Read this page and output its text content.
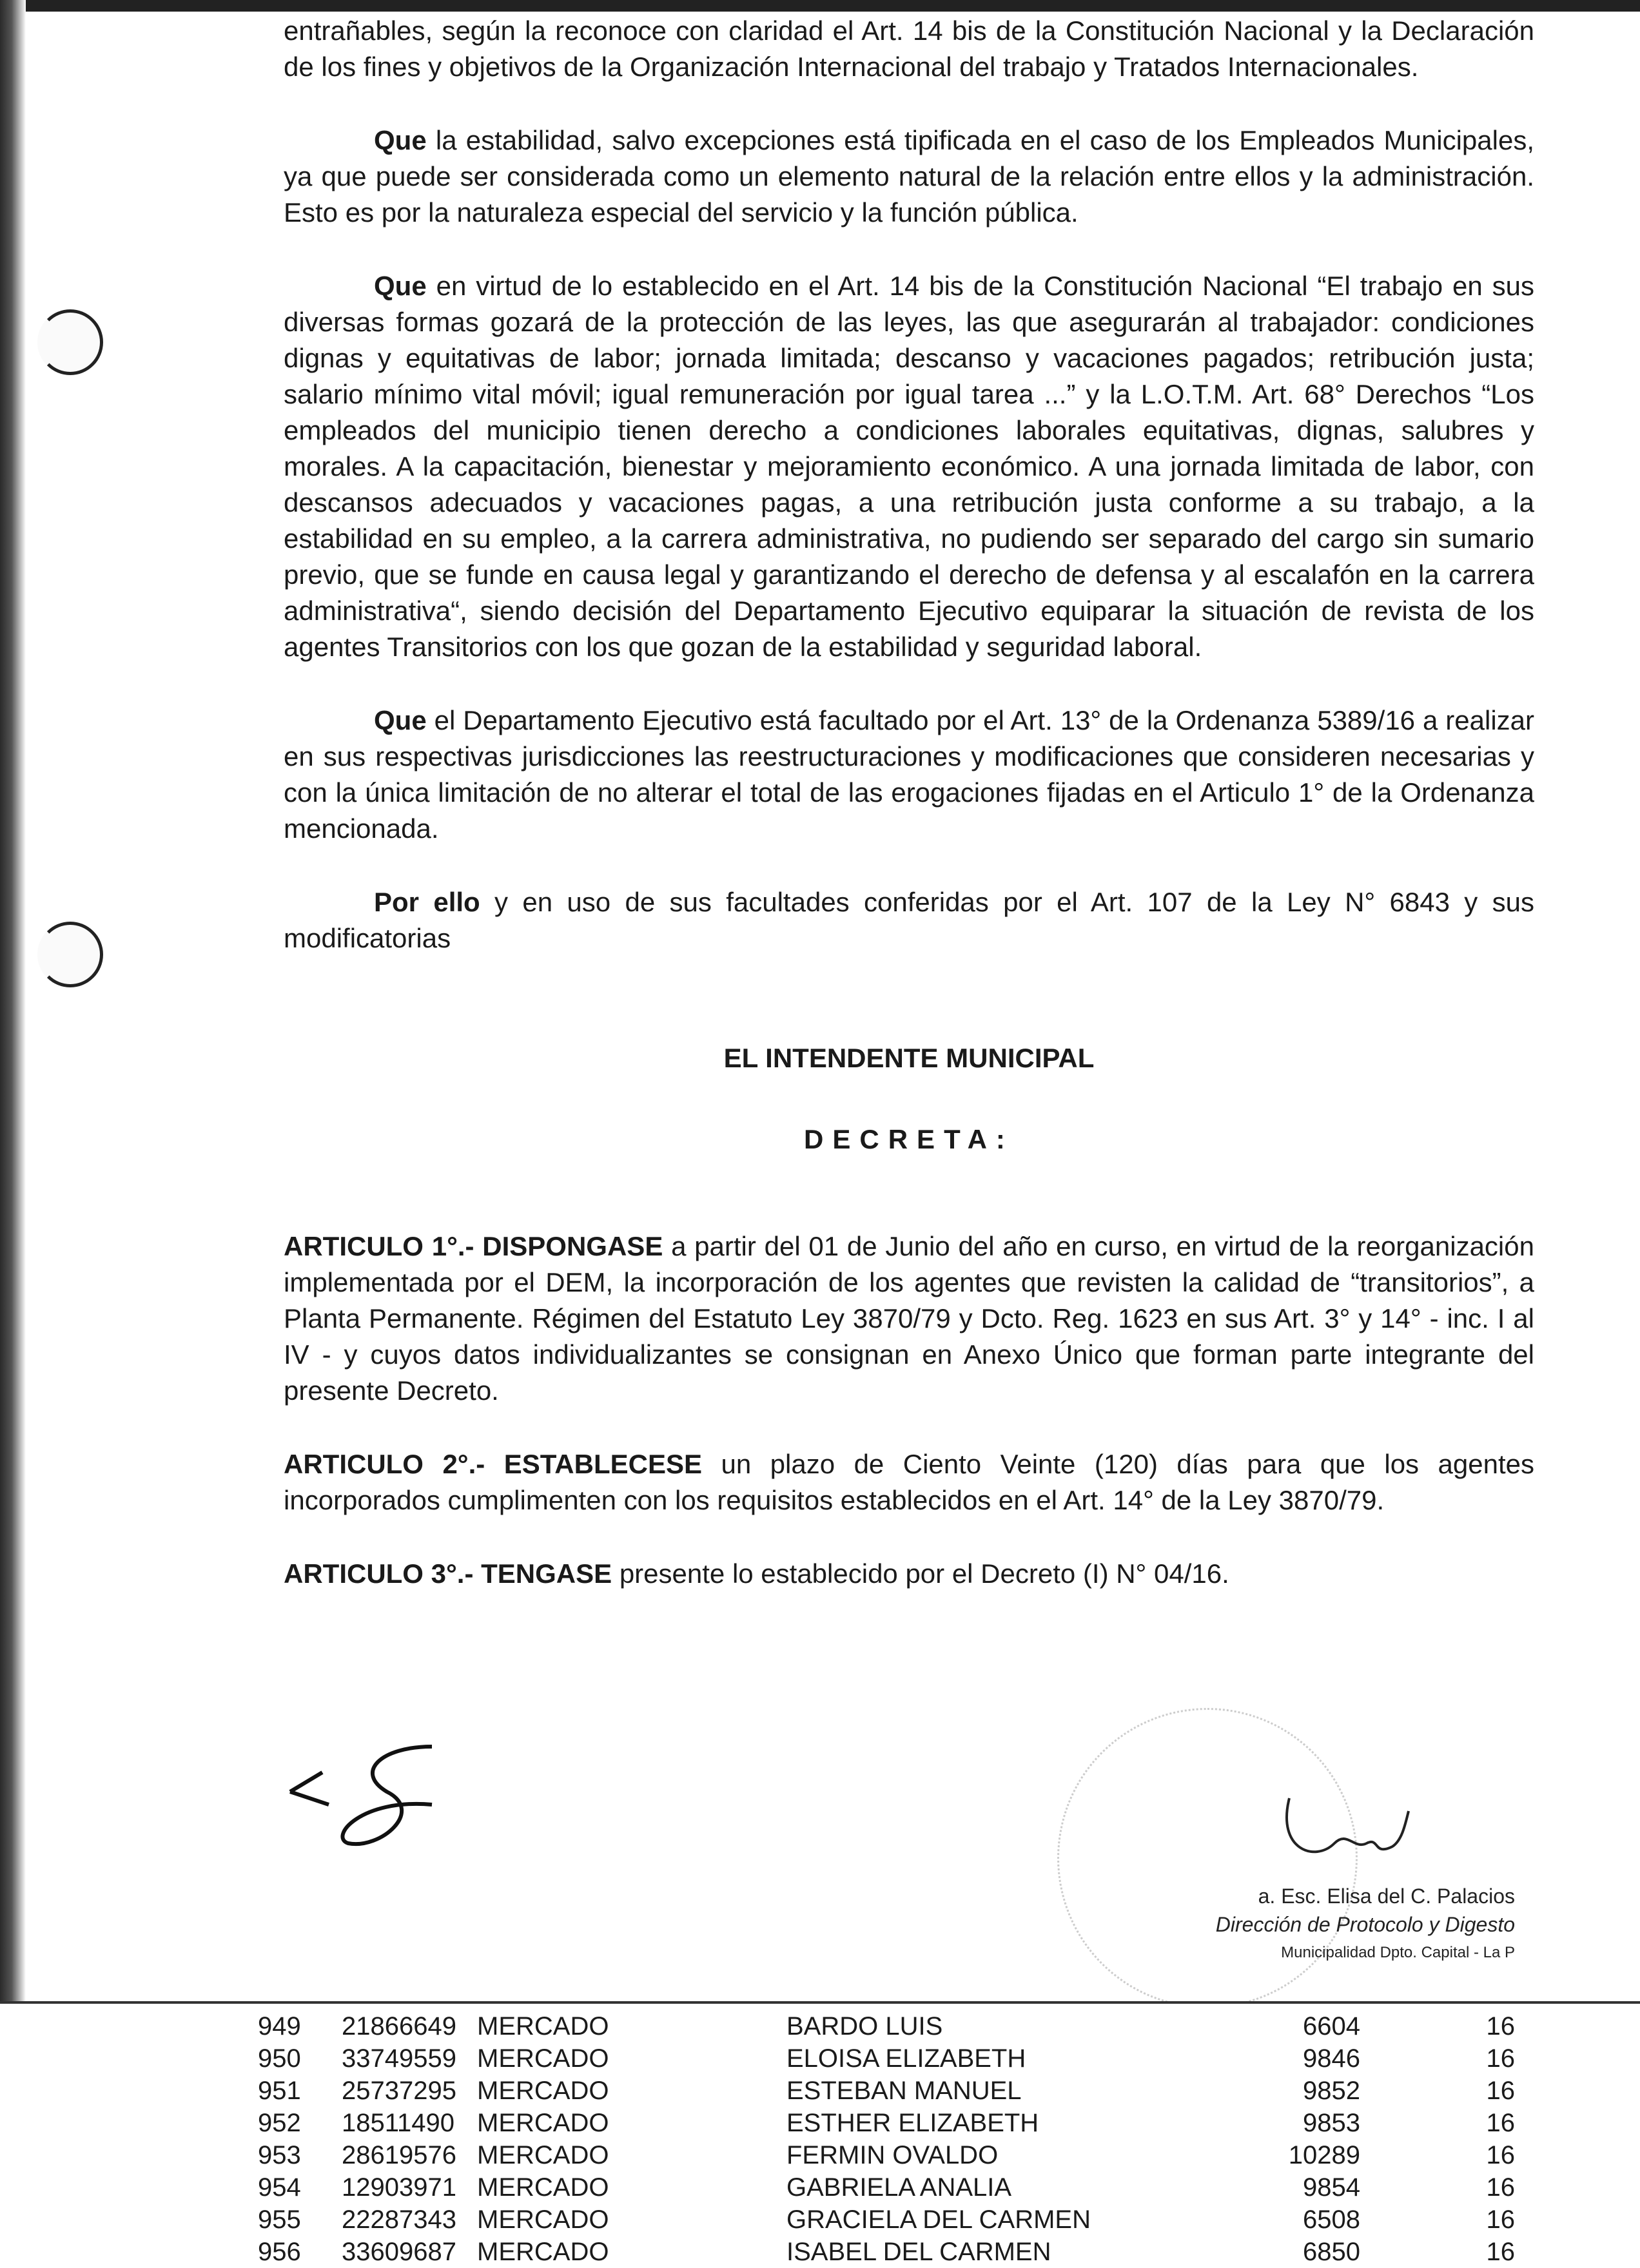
entrañables, según la reconoce con claridad el Art. 14 bis de la Constitución Nacional y la Declaración de los fines y objetivos de la Organización Internacional del trabajo y Tratados Internacionales.

Que la estabilidad, salvo excepciones está tipificada en el caso de los Empleados Municipales, ya que puede ser considerada como un elemento natural de la relación entre ellos y la administración. Esto es por la naturaleza especial del servicio y la función pública.

Que en virtud de lo establecido en el Art. 14 bis de la Constitución Nacional “El trabajo en sus diversas formas gozará de la protección de las leyes, las que asegurarán al trabajador: condiciones dignas y equitativas de labor; jornada limitada; descanso y vacaciones pagados; retribución justa; salario mínimo vital móvil; igual remuneración por igual tarea ...” y la L.O.T.M. Art. 68° Derechos “Los empleados del municipio tienen derecho a condiciones laborales equitativas, dignas, salubres y morales. A la capacitación, bienestar y mejoramiento económico. A una jornada limitada de labor, con descansos adecuados y vacaciones pagas, a una retribución justa conforme a su trabajo, a la estabilidad en su empleo, a la carrera administrativa, no pudiendo ser separado del cargo sin sumario previo, que se funde en causa legal y garantizando el derecho de defensa y al escalafón en la carrera administrativa“, siendo decisión del Departamento Ejecutivo equiparar la situación de revista de los agentes Transitorios con los que gozan de la estabilidad y seguridad laboral.

Que el Departamento Ejecutivo está facultado por el Art. 13° de la Ordenanza 5389/16 a realizar en sus respectivas jurisdicciones las reestructuraciones y modificaciones que consideren necesarias y con la única limitación de no alterar el total de las erogaciones fijadas en el Articulo 1° de la Ordenanza mencionada.

Por ello y en uso de sus facultades conferidas por el Art. 107 de la Ley N° 6843 y sus modificatorias

EL INTENDENTE MUNICIPAL

DECRETA:

ARTICULO 1°.- DISPONGASE a partir del 01 de Junio del año en curso, en virtud de la reorganización implementada por el DEM, la incorporación de los agentes que revisten la calidad de “transitorios”, a Planta Permanente. Régimen del Estatuto Ley 3870/79 y Dcto. Reg. 1623 en sus Art. 3° y 14° - inc. I al IV - y cuyos datos individualizantes se consignan en Anexo Único que forman parte integrante del presente Decreto.

ARTICULO 2°.- ESTABLECESE un plazo de Ciento Veinte (120) días para que los agentes incorporados cumplimenten con los requisitos establecidos en el Art. 14° de la Ley 3870/79.

ARTICULO 3°.- TENGASE presente lo establecido por el Decreto (I) N° 04/16.

a. Esc. Elisa del C. Palacios
Dirección de Protocolo y Digesto
Municipalidad Dpto. Capital - La P
949	21866649	MERCADO	BARDO LUIS	6604	16
950	33749559	MERCADO	ELOISA ELIZABETH	9846	16
951	25737295	MERCADO	ESTEBAN MANUEL	9852	16
952	18511490	MERCADO	ESTHER ELIZABETH	9853	16
953	28619576	MERCADO	FERMIN OVALDO	10289	16
954	12903971	MERCADO	GABRIELA ANALIA	9854	16
955	22287343	MERCADO	GRACIELA DEL CARMEN	6508	16
956	33609687	MERCADO	ISABEL DEL CARMEN	6850	16
